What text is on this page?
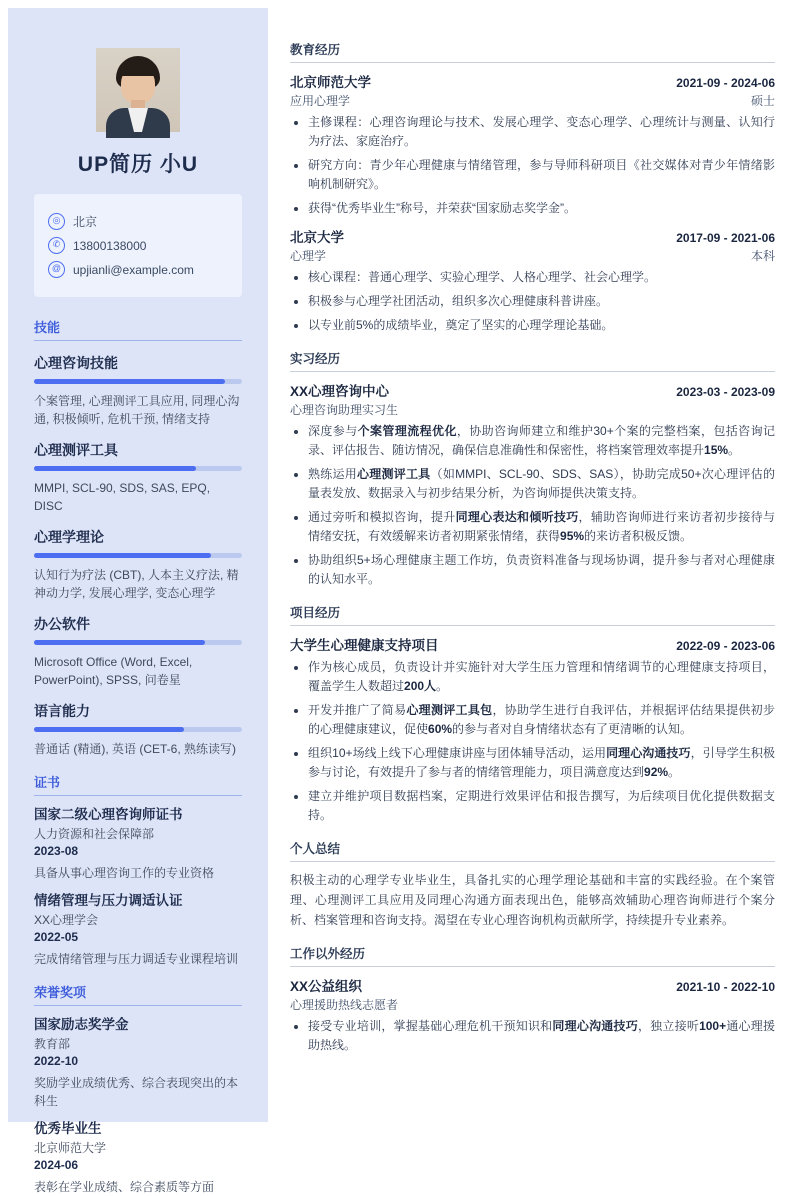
UP简历 小U
◎	北京
✆	13800138000
@ upjianli@example.com
技能
心理咨询技能
个案管理, 心理测评工具应用, 同理心沟通, 积极倾听, 危机干预, 情绪支持
心理测评工具
MMPI, SCL-90, SDS, SAS, EPQ, DISC
心理学理论
认知行为疗法 (CBT), 人本主义疗法, 精神动力学, 发展心理学, 变态心理学
办公软件
Microsoft Office (Word, Excel, PowerPoint), SPSS, 问卷星
语言能力
普通话 (精通), 英语 (CET-6, 熟练读写)
证书
国家二级心理咨询师证书
人力资源和社会保障部
2023-08
具备从事心理咨询工作的专业资格
情绪管理与压力调适认证
XX心理学会
2022-05
完成情绪管理与压力调适专业课程培训
荣誉奖项
国家励志奖学金
教育部
2022-10
奖励学业成绩优秀、综合表现突出的本科生
优秀毕业生
北京师范大学
2024-06
表彰在学业成绩、综合素质等方面
教育经历
北京师范大学	2021-09 - 2024-06
应用心理学	硕士
• 主修课程：心理咨询理论与技术、发展心理学、变态心理学、心理统计与测量、认知行为疗法、家庭治疗。
• 研究方向：青少年心理健康与情绪管理，参与导师科研项目《社交媒体对青少年情绪影响机制研究》。
• 获得“优秀毕业生”称号，并荣获“国家励志奖学金”。
北京大学	2017-09 - 2021-06
心理学	本科
• 核心课程：普通心理学、实验心理学、人格心理学、社会心理学。
• 积极参与心理学社团活动，组织多次心理健康科普讲座。
• 以专业前5%的成绩毕业，奠定了坚实的心理学理论基础。
实习经历
XX心理咨询中心	2023-03 - 2023-09
心理咨询助理实习生
• 深度参与个案管理流程优化，协助咨询师建立和维护30+个案的完整档案，包括咨询记录、评估报告、随访情况，确保信息准确性和保密性，将档案管理效率提升15%。
• 熟练运用心理测评工具（如MMPI、SCL-90、SDS、SAS），协助完成50+次心理评估的量表发放、数据录入与初步结果分析，为咨询师提供决策支持。
• 通过旁听和模拟咨询，提升同理心表达和倾听技巧，辅助咨询师进行来访者初步接待与情绪安抚，有效缓解来访者初期紧张情绪，获得95%的来访者积极反馈。
• 协助组织5+场心理健康主题工作坊，负责资料准备与现场协调，提升参与者对心理健康的认知水平。
项目经历
大学生心理健康支持项目	2022-09 - 2023-06
• 作为核心成员，负责设计并实施针对大学生压力管理和情绪调节的心理健康支持项目，覆盖学生人数超过200人。
• 开发并推广了简易心理测评工具包，协助学生进行自我评估，并根据评估结果提供初步的心理健康建议，促使60%的参与者对自身情绪状态有了更清晰的认知。
• 组织10+场线上线下心理健康讲座与团体辅导活动，运用同理心沟通技巧，引导学生积极参与讨论，有效提升了参与者的情绪管理能力，项目满意度达到92%。
• 建立并维护项目数据档案，定期进行效果评估和报告撰写，为后续项目优化提供数据支持。
个人总结
积极主动的心理学专业毕业生，具备扎实的心理学理论基础和丰富的实践经验。在个案管理、心理测评工具应用及同理心沟通方面表现出色，能够高效辅助心理咨询师进行个案分析、档案管理和咨询支持。渴望在专业心理咨询机构贡献所学，持续提升专业素养。
工作以外经历
XX公益组织	2021-10 - 2022-10
心理援助热线志愿者
• 接受专业培训，掌握基础心理危机干预知识和同理心沟通技巧，独立接听100+通心理援助热线。
